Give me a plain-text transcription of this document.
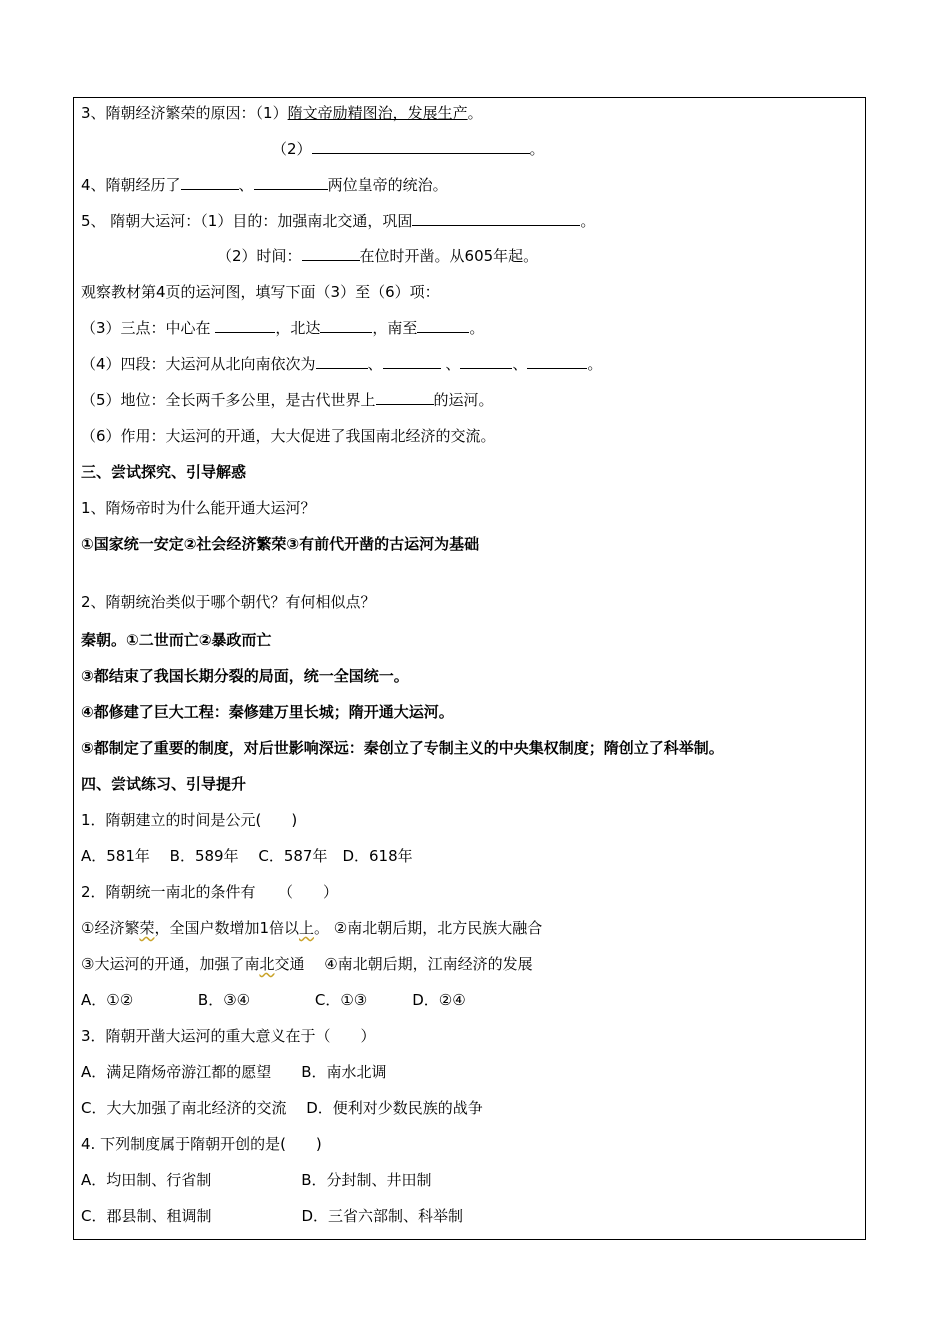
3、隋朝经济繁荣的原因：（1）隋文帝励精图治，发展生产。
（2）	。
4、隋朝经历了	、	两位皇帝的统治。
5、 隋朝大运河：（1）目的：加强南北交通，巩固	。
（2）时间：	在位时开凿。从605年起。
观察教材第4页的运河图，填写下面（3）至（6）项：
（3）三点：中心在	，北达	，南至	。
（4）四段：大运河从北向南依次为	、	、	、	。
（5）地位：全长两千多公里，是古代世界上	的运河。
（6）作用：大运河的开通，大大促进了我国南北经济的交流。
三、尝试探究、引导解惑
1、隋炀帝时为什么能开通大运河？
①国家统一安定②社会经济繁荣③有前代开凿的古运河为基础
2、隋朝统治类似于哪个朝代？有何相似点？
秦朝。①二世而亡②暴政而亡
③都结束了我国长期分裂的局面，统一全国统一。
④都修建了巨大工程：秦修建万里长城；隋开通大运河。
⑤都制定了重要的制度，对后世影响深远：秦创立了专制主义的中央集权制度；隋创立了科举制。
四、尝试练习、引导提升
1．隋朝建立的时间是公元(　　)
A．581年　 B．589年　 C．587年　D．618年
2．隋朝统一南北的条件有　　（　　）
①经济繁荣，全国户数增加1倍以上。 ②南北朝后期，北方民族大融合
③大运河的开通，加强了南北交通　 ④南北朝后期，江南经济的发展
A．①②　　　　 B．③④　　　　 C．①③　　　D．②④
3．隋朝开凿大运河的重大意义在于（　　）
A．满足隋炀帝游江都的愿望　　B．南水北调
C．大大加强了南北经济的交流　 D．便利对少数民族的战争
4. 下列制度属于隋朝开创的是(　　)
A．均田制、行省制　　　　　　B．分封制、井田制
C．郡县制、租调制　　　　　　D．三省六部制、科举制
